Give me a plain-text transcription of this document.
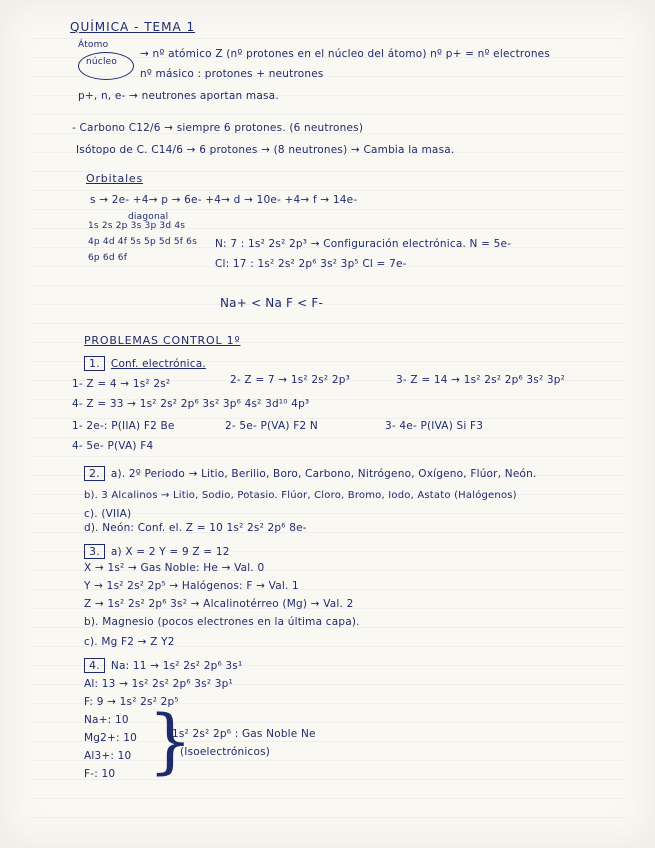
QUÍMICA - TEMA 1
Átomo
núcleo
→ nº atómico Z (nº protones en el núcleo del átomo) nº p+ = nº electrones
nº másico : protones + neutrones
p+, n, e- → neutrones aportan masa.
- Carbono C12/6 → siempre 6 protones. (6 neutrones)
Isótopo de C. C14/6 → 6 protones → (8 neutrones) → Cambia la masa.
Orbitales
s → 2e- +4→ p → 6e- +4→ d → 10e- +4→ f → 14e-
1s 2s 2p 3s 3p 3d 4s 4p 4d 4f 5s 5p 5d 5f 6s 6p 6d 6f
diagonal
N: 7 : 1s² 2s² 2p³ → Configuración electrónica. N = 5e-
Cl: 17 : 1s² 2s² 2p⁶ 3s² 3p⁵ Cl = 7e-
Na+ < Na F < F-
PROBLEMAS CONTROL 1º
1. Conf. electrónica.
1- Z = 4 → 1s² 2s²	2- Z = 7 → 1s² 2s² 2p³	3- Z = 14 → 1s² 2s² 2p⁶ 3s² 3p²
4- Z = 33 → 1s² 2s² 2p⁶ 3s² 3p⁶ 4s² 3d¹⁰ 4p³
1- 2e-: P(IIA) F2 Be	2- 5e- P(VA) F2 N	3- 4e- P(IVA) Si F3
4- 5e- P(VA) F4
2. a). 2º Periodo → Litio, Berilio, Boro, Carbono, Nitrógeno, Oxígeno, Flúor, Neón.
b). 3 Alcalinos → Litio, Sodio, Potasio. Flúor, Cloro, Bromo, Iodo, Astato (Halógenos)
c). (VIIA)
d). Neón: Conf. el. Z = 10 1s² 2s² 2p⁶ 8e-
3. a) X = 2 Y = 9 Z = 12
X → 1s² → Gas Noble: He → Val. 0
Y → 1s² 2s² 2p⁵ → Halógenos: F → Val. 1
Z → 1s² 2s² 2p⁶ 3s² → Alcalinotérreo (Mg) → Val. 2
b). Magnesio (pocos electrones en la última capa).
c). Mg F2 → Z Y2
4. Na: 11 → 1s² 2s² 2p⁶ 3s¹
Al: 13 → 1s² 2s² 2p⁶ 3s² 3p¹
F: 9 → 1s² 2s² 2p⁵
Na+: 10
Mg2+: 10
Al3+: 10
F-: 10 }
1s² 2s² 2p⁶ : Gas Noble Ne
(Isoelectrónicos)
